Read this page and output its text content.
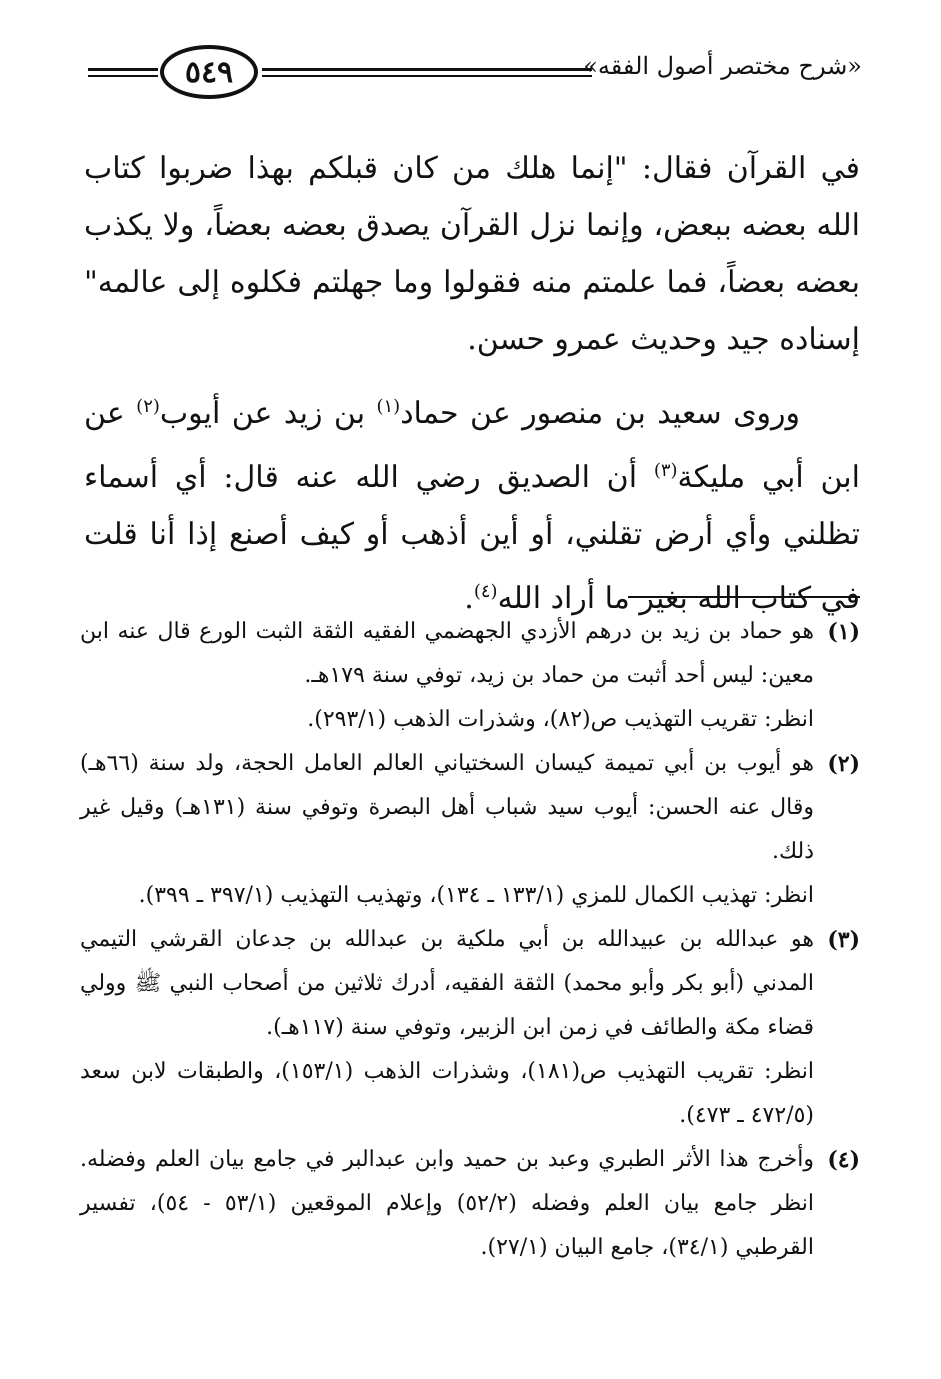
٥٤٩	«شرح مختصر أصول الفقه»

في القرآن فقال: "إنما هلك من كان قبلكم بهذا ضربوا كتاب الله بعضه ببعض، وإنما نزل القرآن يصدق بعضه بعضاً، ولا يكذب بعضه بعضاً، فما علمتم منه فقولوا وما جهلتم فكلوه إلى عالمه" إسناده جيد وحديث عمرو حسن.

وروى سعيد بن منصور عن حماد$^{(١)}$ بن زيد عن أيوب$^{(٢)}$ عن ابن أبي مليكة$^{(٣)}$ أن الصديق رضي الله عنه قال: أي أسماء تظلني وأي أرض تقلني، أو أين أذهب أو كيف أصنع إذا أنا قلت في كتاب الله بغير ما أراد الله$^{(٤)}$.

(١)
هو حماد بن زيد بن درهم الأزدي الجهضمي الفقيه الثقة الثبت الورع قال عنه ابن معين: ليس أحد أثبت من حماد بن زيد، توفي سنة ١٧٩هـ.
انظر: تقريب التهذيب ص(٨٢)، وشذرات الذهب (٢٩٣/١).
(٢)
هو أيوب بن أبي تميمة كيسان السختياني العالم العامل الحجة، ولد سنة (٦٦هـ) وقال عنه الحسن: أيوب سيد شباب أهل البصرة وتوفي سنة (١٣١هـ) وقيل غير ذلك.
انظر: تهذيب الكمال للمزي (١٣٣/١ ـ ١٣٤)، وتهذيب التهذيب (٣٩٧/١ ـ ٣٩٩).
(٣)
هو عبدالله بن عبيدالله بن أبي ملكية بن عبدالله بن جدعان القرشي التيمي المدني (أبو بكر وأبو محمد) الثقة الفقيه، أدرك ثلاثين من أصحاب النبي ﷺ وولي قضاء مكة والطائف في زمن ابن الزبير، وتوفي سنة (١١٧هـ).
انظر: تقريب التهذيب ص(١٨١)، وشذرات الذهب (١٥٣/١)، والطبقات لابن سعد (٤٧٢/٥ ـ ٤٧٣).
(٤)
وأخرج هذا الأثر الطبري وعبد بن حميد وابن عبدالبر في جامع بيان العلم وفضله. انظر جامع بيان العلم وفضله (٥٢/٢) وإعلام الموقعين (٥٣/١ - ٥٤)، تفسير القرطبي (٣٤/١)، جامع البيان (٢٧/١).
